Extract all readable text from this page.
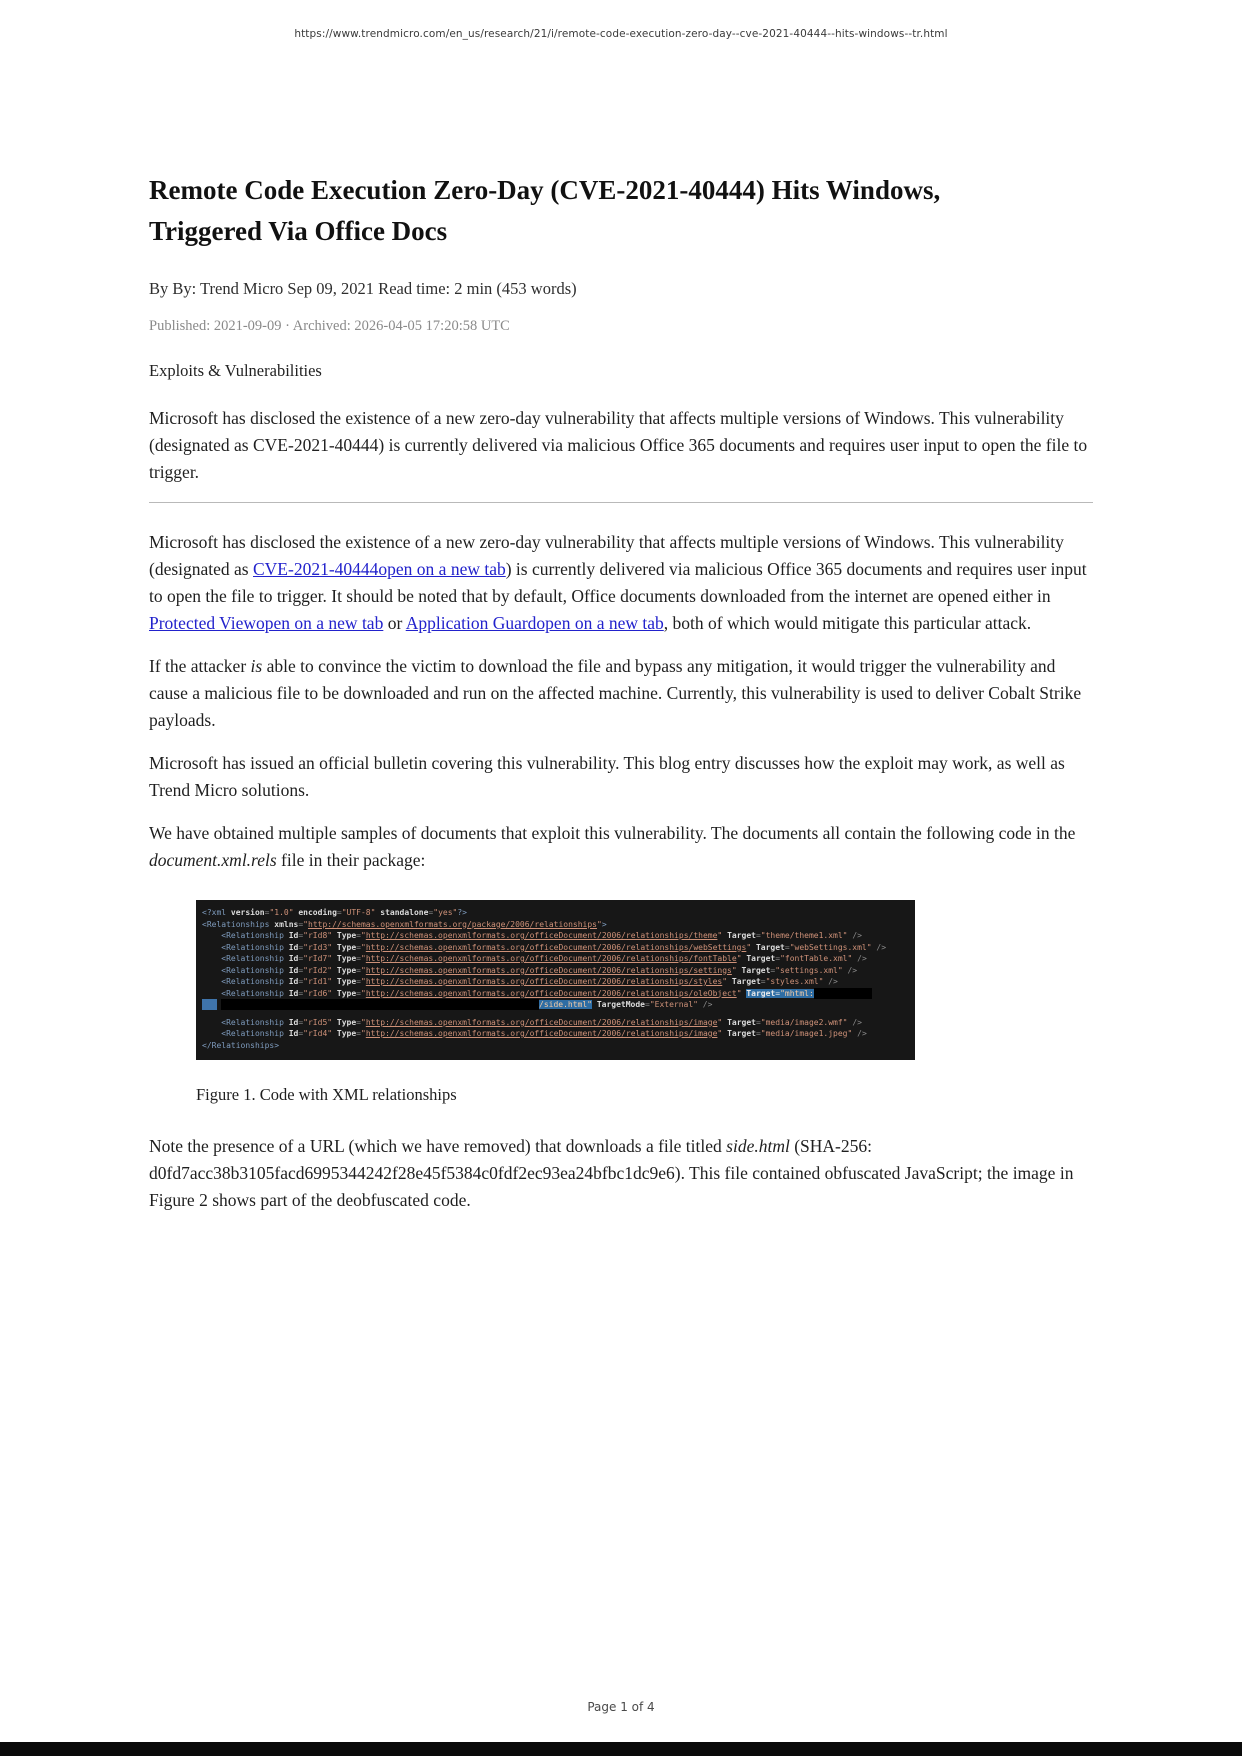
https://www.trendmicro.com/en_us/research/21/i/remote-code-execution-zero-day--cve-2021-40444--hits-windows--tr.html
Remote Code Execution Zero-Day (CVE-2021-40444) Hits Windows,
Triggered Via Office Docs

By By: Trend Micro Sep 09, 2021 Read time: 2 min (453 words)

Published: 2021-09-09 · Archived: 2026-04-05 17:20:58 UTC

Exploits & Vulnerabilities

Microsoft has disclosed the existence of a new zero-day vulnerability that affects multiple versions of Windows. This vulnerability (designated as CVE-2021-40444) is currently delivered via malicious Office 365 documents and requires user input to open the file to trigger.

Microsoft has disclosed the existence of a new zero-day vulnerability that affects multiple versions of Windows. This vulnerability (designated as CVE-2021-40444open on a new tab) is currently delivered via malicious Office 365 documents and requires user input to open the file to trigger. It should be noted that by default, Office documents downloaded from the internet are opened either in Protected Viewopen on a new tab or Application Guardopen on a new tab, both of which would mitigate this particular attack.

If the attacker is able to convince the victim to download the file and bypass any mitigation, it would trigger the vulnerability and cause a malicious file to be downloaded and run on the affected machine. Currently, this vulnerability is used to deliver Cobalt Strike payloads.

Microsoft has issued an official bulletin covering this vulnerability. This blog entry discusses how the exploit may work, as well as Trend Micro solutions.

We have obtained multiple samples of documents that exploit this vulnerability. The documents all contain the following code in the document.xml.rels file in their package:

<?xml version="1.0" encoding="UTF-8" standalone="yes"?>
<Relationships xmlns="http://schemas.openxmlformats.org/package/2006/relationships">
<Relationship Id="rId8" Type="http://schemas.openxmlformats.org/officeDocument/2006/relationships/theme" Target="theme/theme1.xml" />
<Relationship Id="rId3" Type="http://schemas.openxmlformats.org/officeDocument/2006/relationships/webSettings" Target="webSettings.xml" />
<Relationship Id="rId7" Type="http://schemas.openxmlformats.org/officeDocument/2006/relationships/fontTable" Target="fontTable.xml" />
<Relationship Id="rId2" Type="http://schemas.openxmlformats.org/officeDocument/2006/relationships/settings" Target="settings.xml" />
<Relationship Id="rId1" Type="http://schemas.openxmlformats.org/officeDocument/2006/relationships/styles" Target="styles.xml" />
<Relationship Id="rId6" Type="http://schemas.openxmlformats.org/officeDocument/2006/relationships/oleObject" Target="mhtml:
/side.html" TargetMode="External" />
<Relationship Id="rId5" Type="http://schemas.openxmlformats.org/officeDocument/2006/relationships/image" Target="media/image2.wmf" />
<Relationship Id="rId4" Type="http://schemas.openxmlformats.org/officeDocument/2006/relationships/image" Target="media/image1.jpeg" />
</Relationships>

Figure 1. Code with XML relationships

Note the presence of a URL (which we have removed) that downloads a file titled side.html (SHA-256: d0fd7acc38b3105facd6995344242f28e45f5384c0fdf2ec93ea24bfbc1dc9e6). This file contained obfuscated JavaScript; the image in Figure 2 shows part of the deobfuscated code.

Page 1 of 4
